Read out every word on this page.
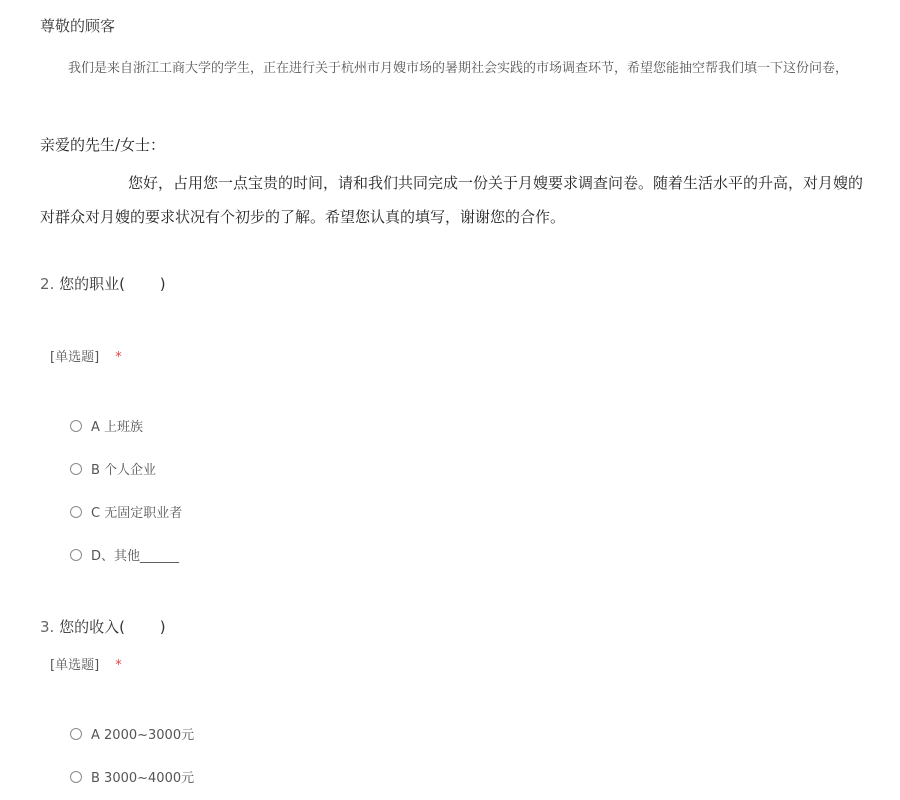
尊敬的顾客
我们是来自浙江工商大学的学生，正在进行关于杭州市月嫂市场的暑期社会实践的市场调查环节，希望您能抽空帮我们填一下这份问卷，
亲爱的先生/女士：
您好，占用您一点宝贵的时间，请和我们共同完成一份关于月嫂要求调查问卷。随着生活水平的升高，对月嫂的
对群众对月嫂的要求状况有个初步的了解。希望您认真的填写，谢谢您的合作。
2. 您的职业(　　 )
[单选题] *
A 上班族
B 个人企业
C 无固定职业者
D、其他______
3. 您的收入(　　 )
[单选题] *
A 2000~3000元
B 3000~4000元
